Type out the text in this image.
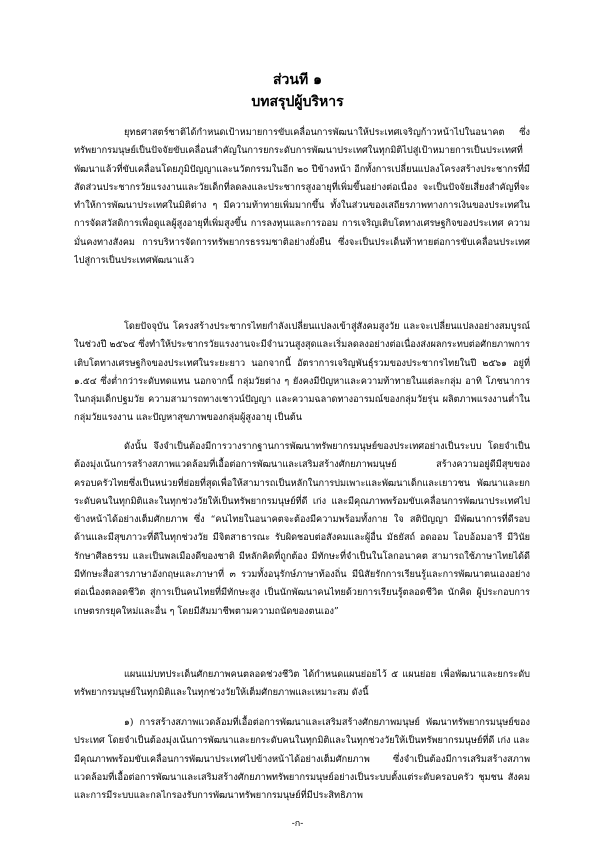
ส่วนที่ ๑
บทสรุปผู้บริหาร

ยุทธศาสตร์ชาติได้กำหนดเป้าหมายการขับเคลื่อนการพัฒนาให้ประเทศเจริญก้าวหน้าไปในอนาคต ซึ่งทรัพยากรมนุษย์เป็นปัจจัยขับเคลื่อนสำคัญในการยกระดับการพัฒนาประเทศในทุกมิติไปสู่เป้าหมายการเป็นประเทศที่พัฒนาแล้วที่ขับเคลื่อนโดยภูมิปัญญาและนวัตกรรมในอีก ๒๐ ปีข้างหน้า อีกทั้งการเปลี่ยนแปลงโครงสร้างประชากรที่มีสัดส่วนประชากรวัยแรงงานและวัยเด็กที่ลดลงและประชากรสูงอายุที่เพิ่มขึ้นอย่างต่อเนื่อง จะเป็นปัจจัยเสี่ยงสำคัญที่จะทำให้การพัฒนาประเทศในมิติต่าง ๆ มีความท้าทายเพิ่มมากขึ้น ทั้งในส่วนของเสถียรภาพทางการเงินของประเทศในการจัดสวัสดิการเพื่อดูแลผู้สูงอายุที่เพิ่มสูงขึ้น การลงทุนและการออม การเจริญเติบโตทางเศรษฐกิจของประเทศ ความมั่นคงทางสังคม การบริหารจัดการทรัพยากรธรรมชาติอย่างยั่งยืน ซึ่งจะเป็นประเด็นท้าทายต่อการขับเคลื่อนประเทศไปสู่การเป็นประเทศพัฒนาแล้ว

โดยปัจจุบัน โครงสร้างประชากรไทยกำลังเปลี่ยนแปลงเข้าสู่สังคมสูงวัย และจะเปลี่ยนแปลงอย่างสมบูรณ์ในช่วงปี ๒๕๖๔ ซึ่งทำให้ประชากรวัยแรงงานจะมีจำนวนสูงสุดและเริ่มลดลงอย่างต่อเนื่องส่งผลกระทบต่อศักยภาพการเติบโตทางเศรษฐกิจของประเทศในระยะยาว นอกจากนี้ อัตราการเจริญพันธุ์รวมของประชากรไทยในปี ๒๕๖๑ อยู่ที่ ๑.๕๔ ซึ่งต่ำกว่าระดับทดแทน นอกจากนี้ กลุ่มวัยต่าง ๆ ยังคงมีปัญหาและความท้าทายในแต่ละกลุ่ม อาทิ โภชนาการในกลุ่มเด็กปฐมวัย ความสามารถทางเชาวน์ปัญญา และความฉลาดทางอารมณ์ของกลุ่มวัยรุ่น ผลิตภาพแรงงานต่ำในกลุ่มวัยแรงงาน และปัญหาสุขภาพของกลุ่มผู้สูงอายุ เป็นต้น

ดังนั้น จึงจำเป็นต้องมีการวางรากฐานการพัฒนาทรัพยากรมนุษย์ของประเทศอย่างเป็นระบบ โดยจำเป็นต้องมุ่งเน้นการสร้างสภาพแวดล้อมที่เอื้อต่อการพัฒนาและเสริมสร้างศักยภาพมนุษย์ สร้างความอยู่ดีมีสุขของครอบครัวไทยซึ่งเป็นหน่วยที่ย่อยที่สุดเพื่อให้สามารถเป็นหลักในการบ่มเพาะและพัฒนาเด็กและเยาวชน พัฒนาและยกระดับคนในทุกมิติและในทุกช่วงวัยให้เป็นทรัพยากรมนุษย์ที่ดี เก่ง และมีคุณภาพพร้อมขับเคลื่อนการพัฒนาประเทศไปข้างหน้าได้อย่างเต็มศักยภาพ ซึ่ง “คนไทยในอนาคตจะต้องมีความพร้อมทั้งกาย ใจ สติปัญญา มีพัฒนาการที่ดีรอบด้านและมีสุขภาวะที่ดีในทุกช่วงวัย มีจิตสาธารณะ รับผิดชอบต่อสังคมและผู้อื่น มัธยัสถ์ อดออม โอบอ้อมอารี มีวินัย รักษาศีลธรรม และเป็นพลเมืองดีของชาติ มีหลักคิดที่ถูกต้อง มีทักษะที่จำเป็นในโลกอนาคต สามารถใช้ภาษาไทยได้ดี มีทักษะสื่อสารภาษาอังกฤษและภาษาที่ ๓ รวมทั้งอนุรักษ์ภาษาท้องถิ่น มีนิสัยรักการเรียนรู้และการพัฒนาตนเองอย่างต่อเนื่องตลอดชีวิต สู่การเป็นคนไทยที่มีทักษะสูง เป็นนักพัฒนาคนไทยด้วยการเรียนรู้ตลอดชีวิต นักคิด ผู้ประกอบการ เกษตรกรยุคใหม่และอื่น ๆ โดยมีสัมมาชีพตามความถนัดของตนเอง”

แผนแม่บทประเด็นศักยภาพคนตลอดช่วงชีวิต ได้กำหนดแผนย่อยไว้ ๕ แผนย่อย เพื่อพัฒนาและยกระดับทรัพยากรมนุษย์ในทุกมิติและในทุกช่วงวัยให้เต็มศักยภาพและเหมาะสม ดังนี้

๑) การสร้างสภาพแวดล้อมที่เอื้อต่อการพัฒนาและเสริมสร้างศักยภาพมนุษย์ พัฒนาทรัพยากรมนุษย์ของประเทศ โดยจำเป็นต้องมุ่งเน้นการพัฒนาและยกระดับคนในทุกมิติและในทุกช่วงวัยให้เป็นทรัพยากรมนุษย์ที่ดี เก่ง และมีคุณภาพพร้อมขับเคลื่อนการพัฒนาประเทศไปข้างหน้าได้อย่างเต็มศักยภาพ ซึ่งจำเป็นต้องมีการเสริมสร้างสภาพแวดล้อมที่เอื้อต่อการพัฒนาและเสริมสร้างศักยภาพทรัพยากรมนุษย์อย่างเป็นระบบตั้งแต่ระดับครอบครัว ชุมชน สังคม และการมีระบบและกลไกรองรับการพัฒนาทรัพยากรมนุษย์ที่มีประสิทธิภาพ

-ก-
